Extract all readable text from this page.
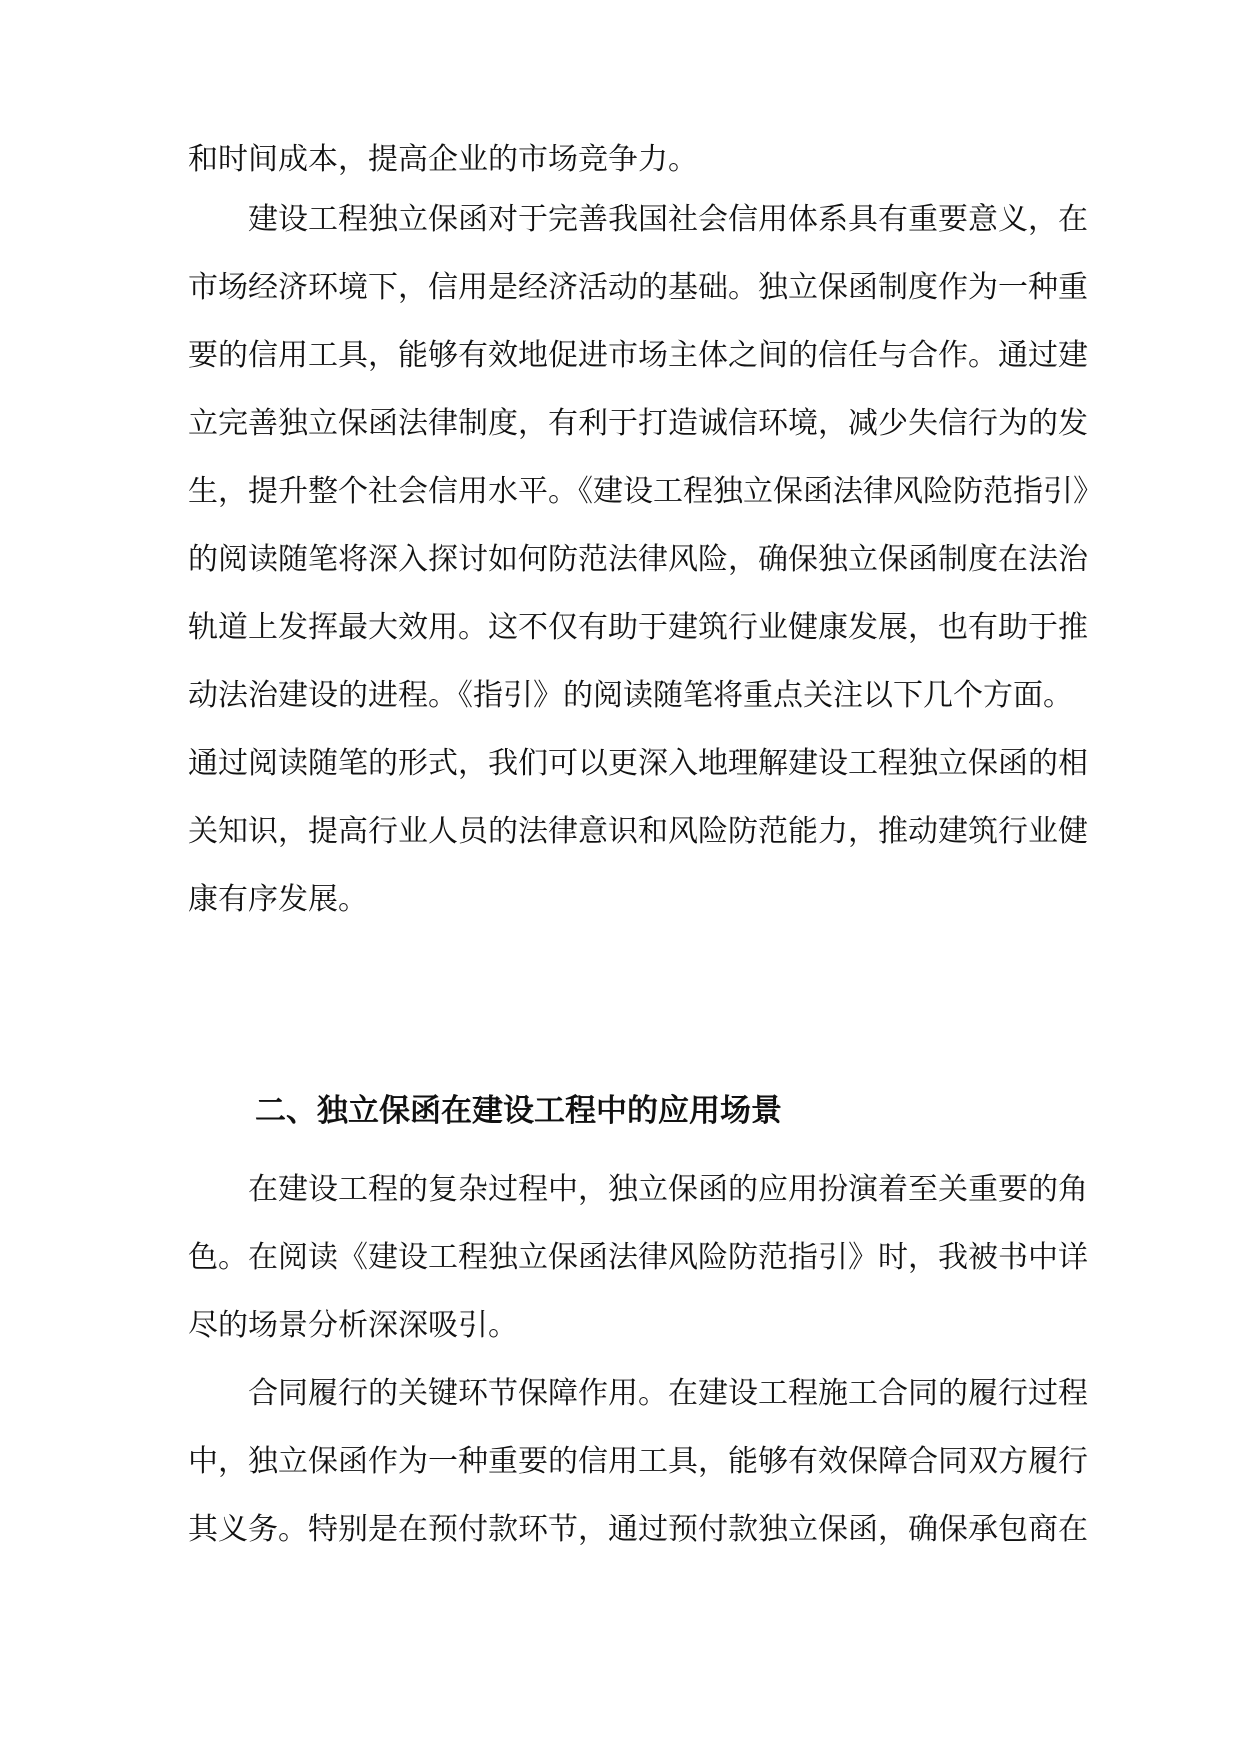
和时间成本，提高企业的市场竞争力。
建设工程独立保函对于完善我国社会信用体系具有重要意义，在
市场经济环境下，信用是经济活动的基础。独立保函制度作为一种重
要的信用工具，能够有效地促进市场主体之间的信任与合作。通过建
立完善独立保函法律制度，有利于打造诚信环境，减少失信行为的发
生，提升整个社会信用水平。《建设工程独立保函法律风险防范指引》
的阅读随笔将深入探讨如何防范法律风险，确保独立保函制度在法治
轨道上发挥最大效用。这不仅有助于建筑行业健康发展，也有助于推
动法治建设的进程。《指引》的阅读随笔将重点关注以下几个方面。
通过阅读随笔的形式，我们可以更深入地理解建设工程独立保函的相
关知识，提高行业人员的法律意识和风险防范能力，推动建筑行业健
康有序发展。
二、独立保函在建设工程中的应用场景
在建设工程的复杂过程中，独立保函的应用扮演着至关重要的角
色。在阅读《建设工程独立保函法律风险防范指引》时，我被书中详
尽的场景分析深深吸引。
合同履行的关键环节保障作用。在建设工程施工合同的履行过程
中，独立保函作为一种重要的信用工具，能够有效保障合同双方履行
其义务。特别是在预付款环节，通过预付款独立保函，确保承包商在
